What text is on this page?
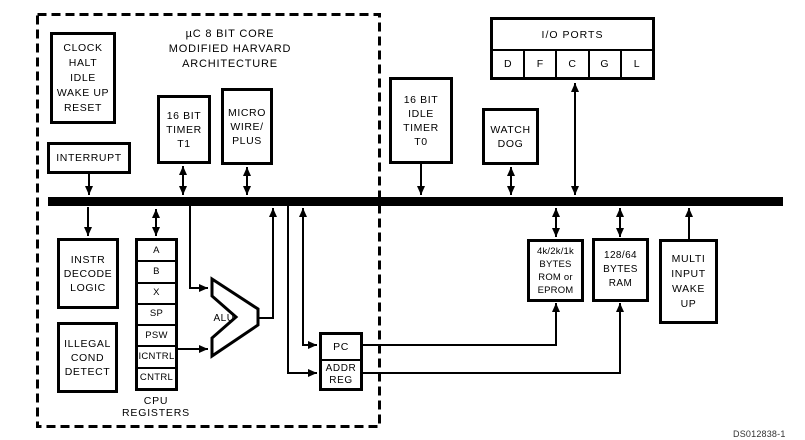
µC 8 BIT CORE
MODIFIED HARVARD
ARCHITECTURE
CLOCK
HALT
IDLE
WAKE UP
RESET
INTERRUPT
16 BIT
TIMER
T1
MICRO
WIRE/
PLUS
16 BIT
IDLE
TIMER
T0
WATCH
DOG
I/O PORTS
D	F	C	G	L
INSTR
DECODE
LOGIC
ILLEGAL
COND
DETECT
A
B
X
SP
PSW
ICNTRL
CNTRL
CPU
REGISTERS
ALU
PC
ADDR
REG
4k/2k/1k
BYTES
ROM or
EPROM
128/64
BYTES
RAM
MULTI
INPUT
WAKE
UP
DS012838-1
